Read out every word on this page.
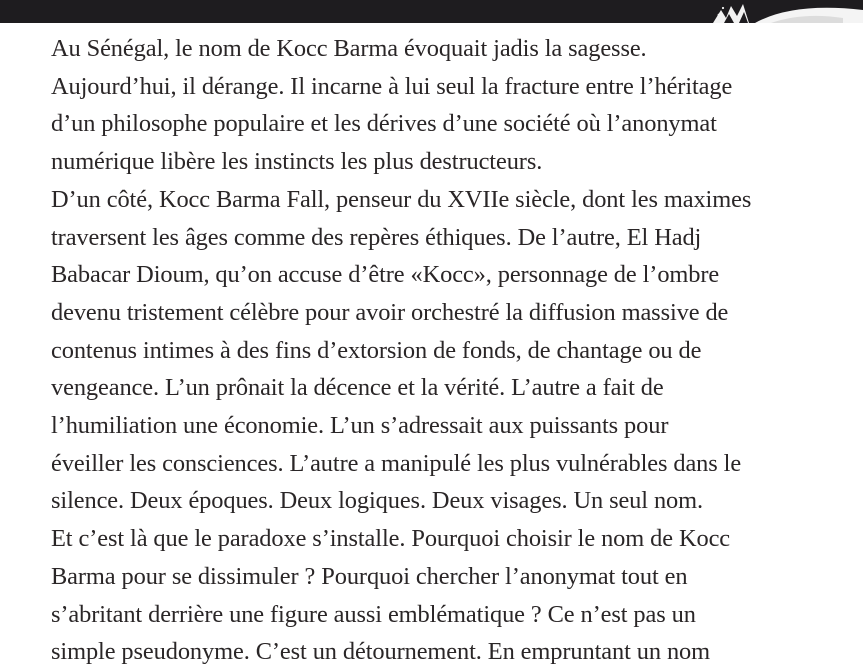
Au Sénégal, le nom de Kocc Barma évoquait jadis la sagesse.
Aujourd’hui, il dérange. Il incarne à lui seul la fracture entre l’héritage
d’un philosophe populaire et les dérives d’une société où l’anonymat
numérique libère les instincts les plus destructeurs.
D’un côté, Kocc Barma Fall, penseur du XVIIe siècle, dont les maximes
traversent les âges comme des repères éthiques. De l’autre, El Hadj
Babacar Dioum, qu’on accuse d’être «Kocc», personnage de l’ombre
devenu tristement célèbre pour avoir orchestré la diffusion massive de
contenus intimes à des fins d’extorsion de fonds, de chantage ou de
vengeance. L’un prônait la décence et la vérité. L’autre a fait de
l’humiliation une économie. L’un s’adressait aux puissants pour
éveiller les consciences. L’autre a manipulé les plus vulnérables dans le
silence. Deux époques. Deux logiques. Deux visages. Un seul nom.
Et c’est là que le paradoxe s’installe. Pourquoi choisir le nom de Kocc
Barma pour se dissimuler ? Pourquoi chercher l’anonymat tout en
s’abritant derrière une figure aussi emblématique ? Ce n’est pas un
simple pseudonyme. C’est un détournement. En empruntant un nom
